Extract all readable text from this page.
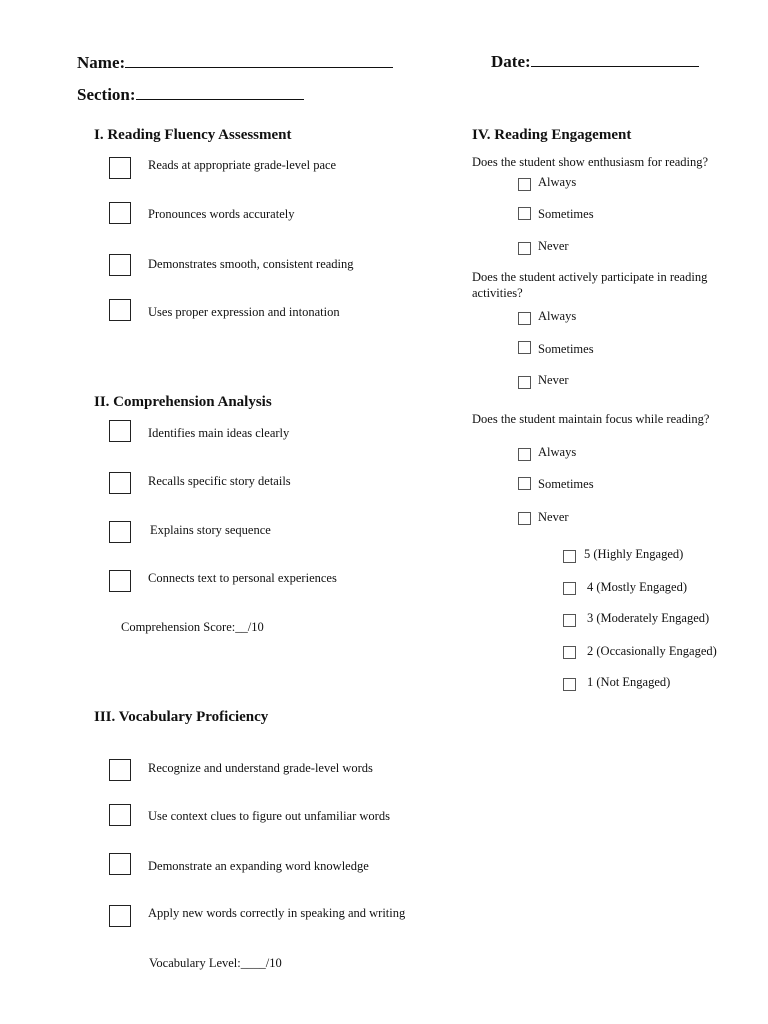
Name:	Date:
Section:
I. Reading Fluency Assessment
Reads at appropriate grade-level pace
Pronounces words accurately
Demonstrates smooth, consistent reading
Uses proper expression and intonation
II. Comprehension Analysis
Identifies main ideas clearly
Recalls specific story details
Explains story sequence
Connects text to personal experiences
Comprehension Score:__/10
III. Vocabulary Proficiency
Recognize and understand grade-level words
Use context clues to figure out unfamiliar words
Demonstrate an expanding word knowledge
Apply new words correctly in speaking and writing
Vocabulary Level:____/10
IV. Reading Engagement
Does the student show enthusiasm for reading?
Always
Sometimes
Never
Does the student actively participate in reading activities?
Always
Sometimes
Never
Does the student maintain focus while reading?
Always
Sometimes
Never
5 (Highly Engaged)
4 (Mostly Engaged)
3 (Moderately Engaged)
2 (Occasionally Engaged)
1 (Not Engaged)
